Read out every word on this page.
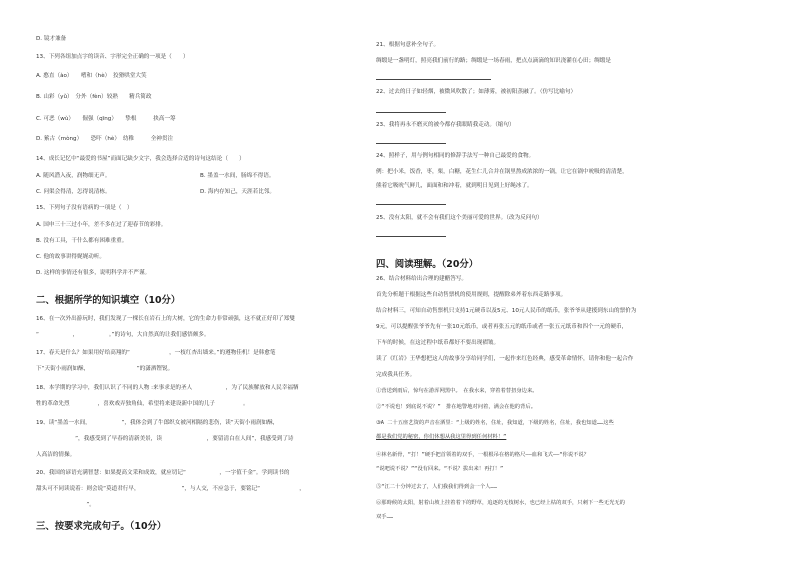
D. 镜才兼备
13、下列各组加点字的读音、字形完全正确的一项是（　　）
A. 憨直（ào）　　嗜和（hè）　狡猾哄堂大笑
B. 山彩（yǔ）　分外（fèn）较熟　　精兵简政
C. 可恶（wù）　　倔强（qīng）　　挚根　　　抉高一筹
D. 萦古（mòng）　　恐吓（hè）　幼稚　　　全神贯注
14、成长记忆中“最爱的书屋”而面记缺少文字，我会选择合适的诗句这结论（　　）
A. 随风潜入夜，润物细无声。	B. 墨盖一水间，肠绵不得语。
C. 问渠会得清，怎得说清栋。	D. 海内存知己，天涯若比邻。
15、下列句子没有语病的一项是（　）
A. 国申三十三过小年，差不多在过了迎春节的彩排。
B. 没有工具，干什么都有困难重重。
C. 他的故事讲得娓娓动听。
D. 这样的事情还有很多，说明科学并不严谨。
二、根据所学的知识填空（10分）
16、在一次外出游玩时，我们发现了一棵长在岩石上的大树，它的生命力非常顽强，这不就正好印了郑燮
“　　　　　　，　　　　　　。”的诗句，大自然真的让我们感悟颇多。
17、春天是什么？如果用好给高翔的“　　　　　　　，一枝红杏出墙来。”的遵物佳机！是韩愈笔
下“天街小雨润如酥，　　　　　　　　　”的潇洒铿锐。
18、本学期的学习中，我们认识了不同的人物 :来事求是的圣人　　　　　　，为了民族解放和人民幸福牺
牲的革命先烈　　　　　，喜欢戏弄独角仙，希望将来建设新中国的儿子　　　　　。
19、读“墨盖一水间，　　　　　　”，我体会到了牛郎织女被河相隔的悲伤，读“天街小雨润如酥，
　　　　　　　”，我感受到了早春的清新美景，读　　　　　　　　，要留清白在人间”，我感受到了诗
人高洁的情操。
20、我国的谚语充满智慧：如果提高文采和成效，就应切记“　　　　　　，一字值千金”。学到读书的
甜头可不同读说着：则会说“莫道君行早，　　　　　　　　”，与人交，不应急于，要铭记“　　　　　　　，
　　　　　　　　　”。
三、按要求完成句子。（10分）
21、根据句意补全句子。
绸缎是一盏明灯，照亮我们前行的路；绸缎是一场春雨，把点点滴滴的知识浇灌在心田；绸缎是
22、过去的日子如轻烟，被微风吹散了；如薄雾，被初阳蒸融了。（仿写比喻句）
23、我将再永不磨灭的被今都存我眼睛我走动。（缩句）
24、照样子，用与例句相同的修辞手法写一种自己最爱的食物。
例：把小米，饭香，枣，栗，白糖，花生仁儿合并在锅里熬成浓浓的一锅，让它在锅中吮吸的清清楚，
熊着它吸吮气鲜儿，面面和和冲着，就到明日见到上好绳冰了。
25、没有太阳，就不会有我们这个美丽可爱的世界。（改为反问句）
四、阅读理解。（20分）
26、结合材料给出合理的建醋答写。
首先分析题干根据这些自动售票机的使用规则，提醒除弟斧着东西走路事项。
结合材料三，可知自动售票机只支持1元硬币以及5元、10元人民币的纸币，张爷爷从建援到东山的票价为
9元，可以提醒张爷爷先有一张10元纸币，或者再张五元的纸币或者一张五元纸币和四个一元的硬币，
下车的时候，在这过程中纸币都好不要出现褶皱。
读了《红岩》王华想把这人的故事分享给同学们，一起作来红色经典，感受革命情怀，请你和他一起合作
完成我具任务。
①营送到雨后，惊句在游浑网黑中。　在我水来，穿着着替扭身边来。
②“不说也！到底说不说？”　排在地警地对问着，满会在他的背后。
③A 二十五座艺资的声音在洒里：“上级的姓名，住址，我知道，下级的姓名，住址，我也知道……这些
都是我们党的秘密，你们休想从我这里得到任何材料！”
④林名新骨，“打！”硬手把首领着的双手，一根根吊在格的格尺——血和飞式——“你说不说？
“说吧说不说？”“没有回来。“不说？拔出来！再打！”
⑤“江二十分钟过去了，人们我我们得到会一个人……
⑥那時候的太阳，射着山坡上挂着着下的野草，追逐的无枝树水，也已经上枯的双手，只刺下一些无光无的
双手……
